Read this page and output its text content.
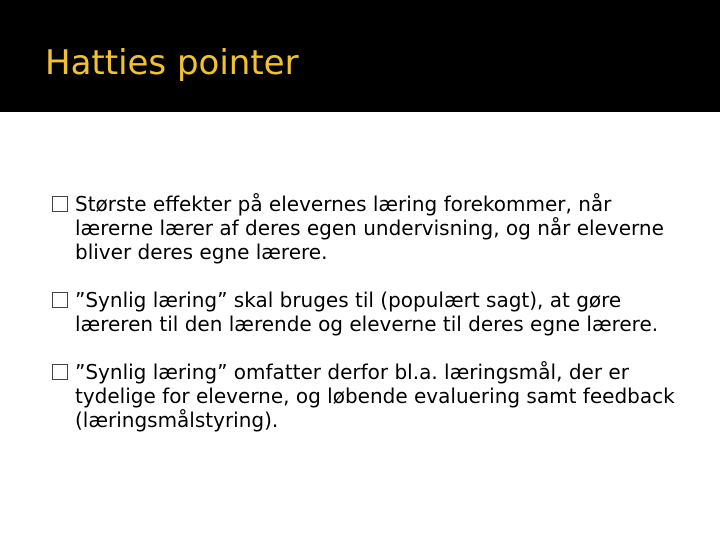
Hatties pointer
Største effekter på elevernes læring forekommer, når lærerne lærer af deres egen undervisning, og når eleverne bliver deres egne lærere.
”Synlig læring” skal bruges til (populært sagt), at gøre læreren til den lærende og eleverne til deres egne lærere.
”Synlig læring” omfatter derfor bl.a. læringsmål, der er tydelige for eleverne, og løbende evaluering samt feedback (læringsmålstyring).
